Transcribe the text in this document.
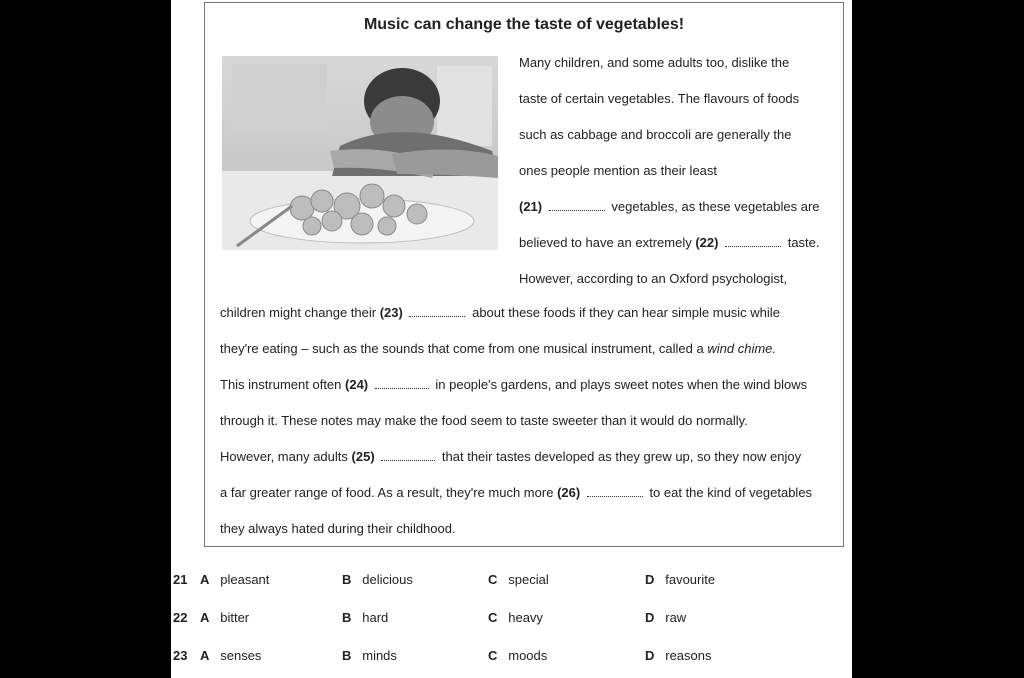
Music can change the taste of vegetables!
Many children, and some adults too, dislike the
taste of certain vegetables. The flavours of foods
such as cabbage and broccoli are generally the
ones people mention as their least
(21)	vegetables, as these vegetables are
believed to have an extremely (22)	taste.
However, according to an Oxford psychologist,
children might change their (23)	about these foods if they can hear simple music while
they're eating – such as the sounds that come from one musical instrument, called a wind chime.
This instrument often (24)	in people's gardens, and plays sweet notes when the wind blows
through it. These notes may make the food seem to taste sweeter than it would do normally.
However, many adults (25)	that their tastes developed as they grew up, so they now enjoy
a far greater range of food. As a result, they're much more (26)	to eat the kind of vegetables
they always hated during their childhood.
21 A pleasant	B delicious	C special	D favourite
22 A bitter	B hard	C heavy	D raw
23 A senses	B minds	C moods	D reasons
